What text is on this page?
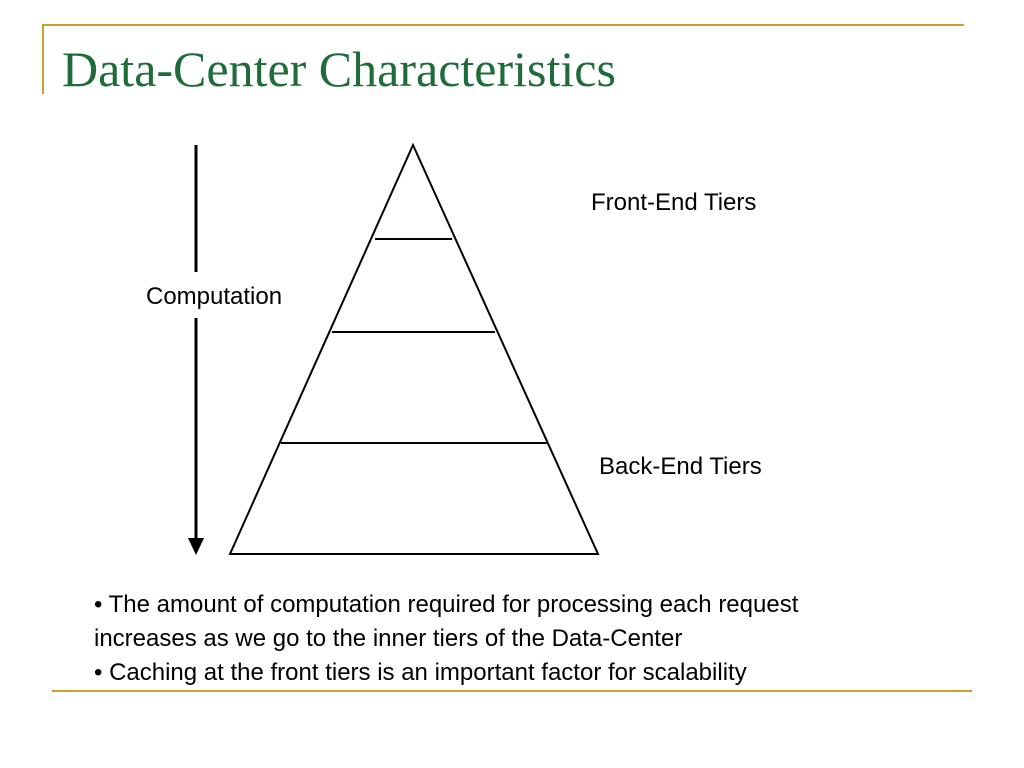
Data-Center Characteristics
Computation
Front-End Tiers
Back-End Tiers
• The amount of computation required for processing each request
increases as we go to the inner tiers of the Data-Center
• Caching at the front tiers is an important factor for scalability
